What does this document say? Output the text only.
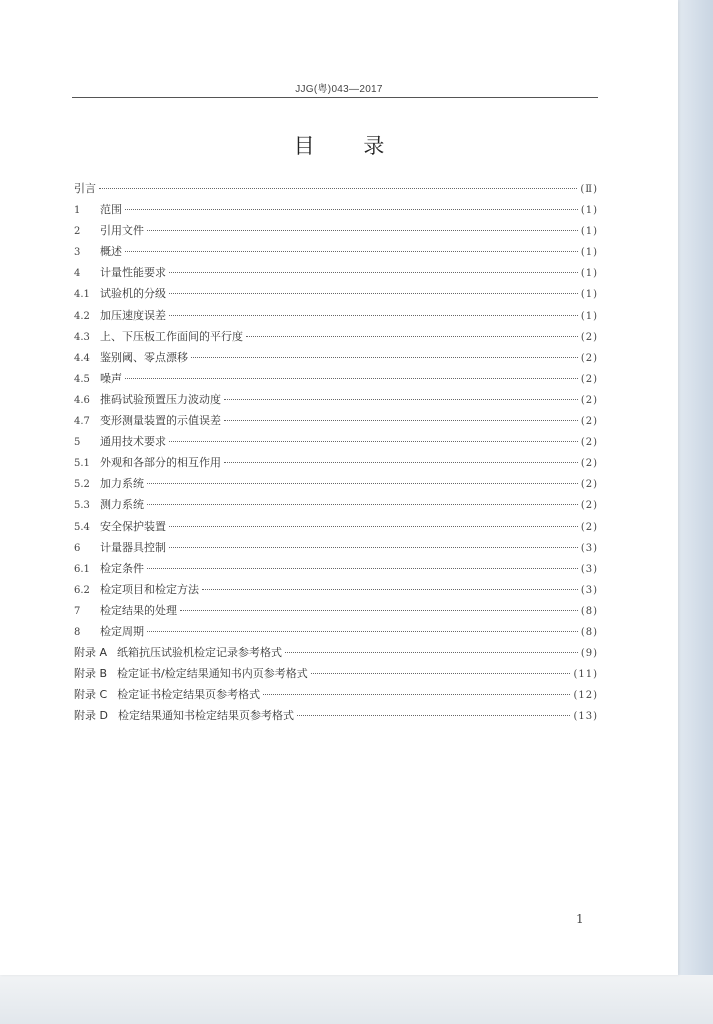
JJG(粤)043—2017
目 录
引言	(Ⅱ)
1	范围	(1)
2	引用文件	(1)
3	概述	(1)
4	计量性能要求	(1)
4.1 试验机的分级	(1)
4.2 加压速度误差	(1)
4.3 上、下压板工作面间的平行度	(2)
4.4 鉴别阈、零点漂移	(2)
4.5 噪声	(2)
4.6 推码试验预置压力波动度	(2)
4.7 变形测量装置的示值误差	(2)
5	通用技术要求	(2)
5.1 外观和各部分的相互作用	(2)
5.2 加力系统	(2)
5.3 测力系统	(2)
5.4 安全保护装置	(2)
6	计量器具控制	(3)
6.1 检定条件	(3)
6.2 检定项目和检定方法	(3)
7	检定结果的处理	(8)
8	检定周期	(8)
附录 A 纸箱抗压试验机检定记录参考格式	(9)
附录 B 检定证书/检定结果通知书内页参考格式	(11)
附录 C 检定证书检定结果页参考格式	(12)
附录 D 检定结果通知书检定结果页参考格式	(13)
1
